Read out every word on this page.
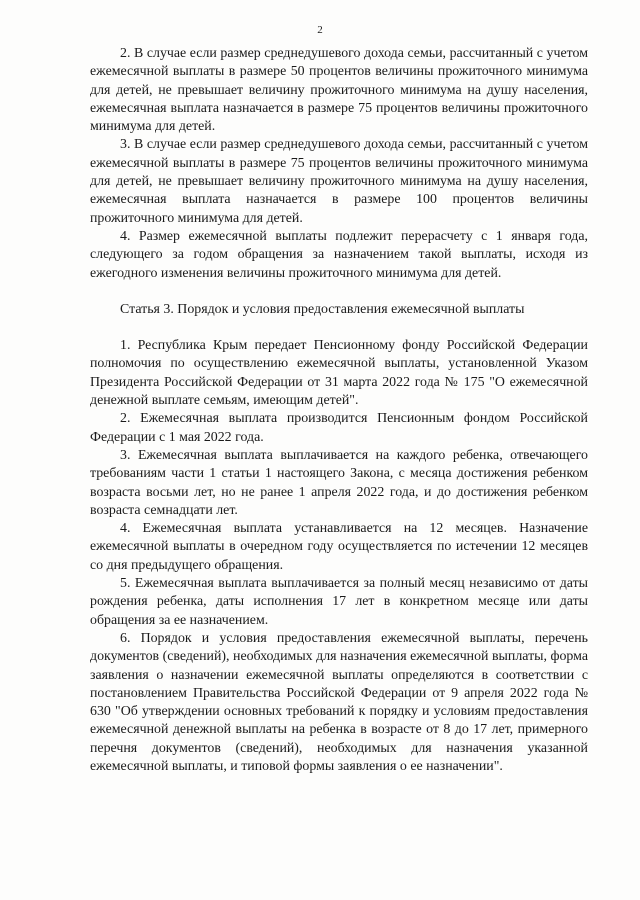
2

2. В случае если размер среднедушевого дохода семьи, рассчитанный с учетом ежемесячной выплаты в размере 50 процентов величины прожиточного минимума для детей, не превышает величину прожиточного минимума на душу населения, ежемесячная выплата назначается в размере 75 процентов величины прожиточного минимума для детей.

3. В случае если размер среднедушевого дохода семьи, рассчитанный с учетом ежемесячной выплаты в размере 75 процентов величины прожиточного минимума для детей, не превышает величину прожиточного минимума на душу населения, ежемесячная выплата назначается в размере 100 процентов величины прожиточного минимума для детей.

4. Размер ежемесячной выплаты подлежит перерасчету с 1 января года, следующего за годом обращения за назначением такой выплаты, исходя из ежегодного изменения величины прожиточного минимума для детей.

Статья 3. Порядок и условия предоставления ежемесячной выплаты

1. Республика Крым передает Пенсионному фонду Российской Федерации полномочия по осуществлению ежемесячной выплаты, установленной Указом Президента Российской Федерации от 31 марта 2022 года № 175 "О ежемесячной денежной выплате семьям, имеющим детей".

2. Ежемесячная выплата производится Пенсионным фондом Российской Федерации с 1 мая 2022 года.

3. Ежемесячная выплата выплачивается на каждого ребенка, отвечающего требованиям части 1 статьи 1 настоящего Закона, с месяца достижения ребенком возраста восьми лет, но не ранее 1 апреля 2022 года, и до достижения ребенком возраста семнадцати лет.

4. Ежемесячная выплата устанавливается на 12 месяцев. Назначение ежемесячной выплаты в очередном году осуществляется по истечении 12 месяцев со дня предыдущего обращения.

5. Ежемесячная выплата выплачивается за полный месяц независимо от даты рождения ребенка, даты исполнения 17 лет в конкретном месяце или даты обращения за ее назначением.

6. Порядок и условия предоставления ежемесячной выплаты, перечень документов (сведений), необходимых для назначения ежемесячной выплаты, форма заявления о назначении ежемесячной выплаты определяются в соответствии с постановлением Правительства Российской Федерации от 9 апреля 2022 года № 630 "Об утверждении основных требований к порядку и условиям предоставления ежемесячной денежной выплаты на ребенка в возрасте от 8 до 17 лет, примерного перечня документов (сведений), необходимых для назначения указанной ежемесячной выплаты, и типовой формы заявления о ее назначении".
